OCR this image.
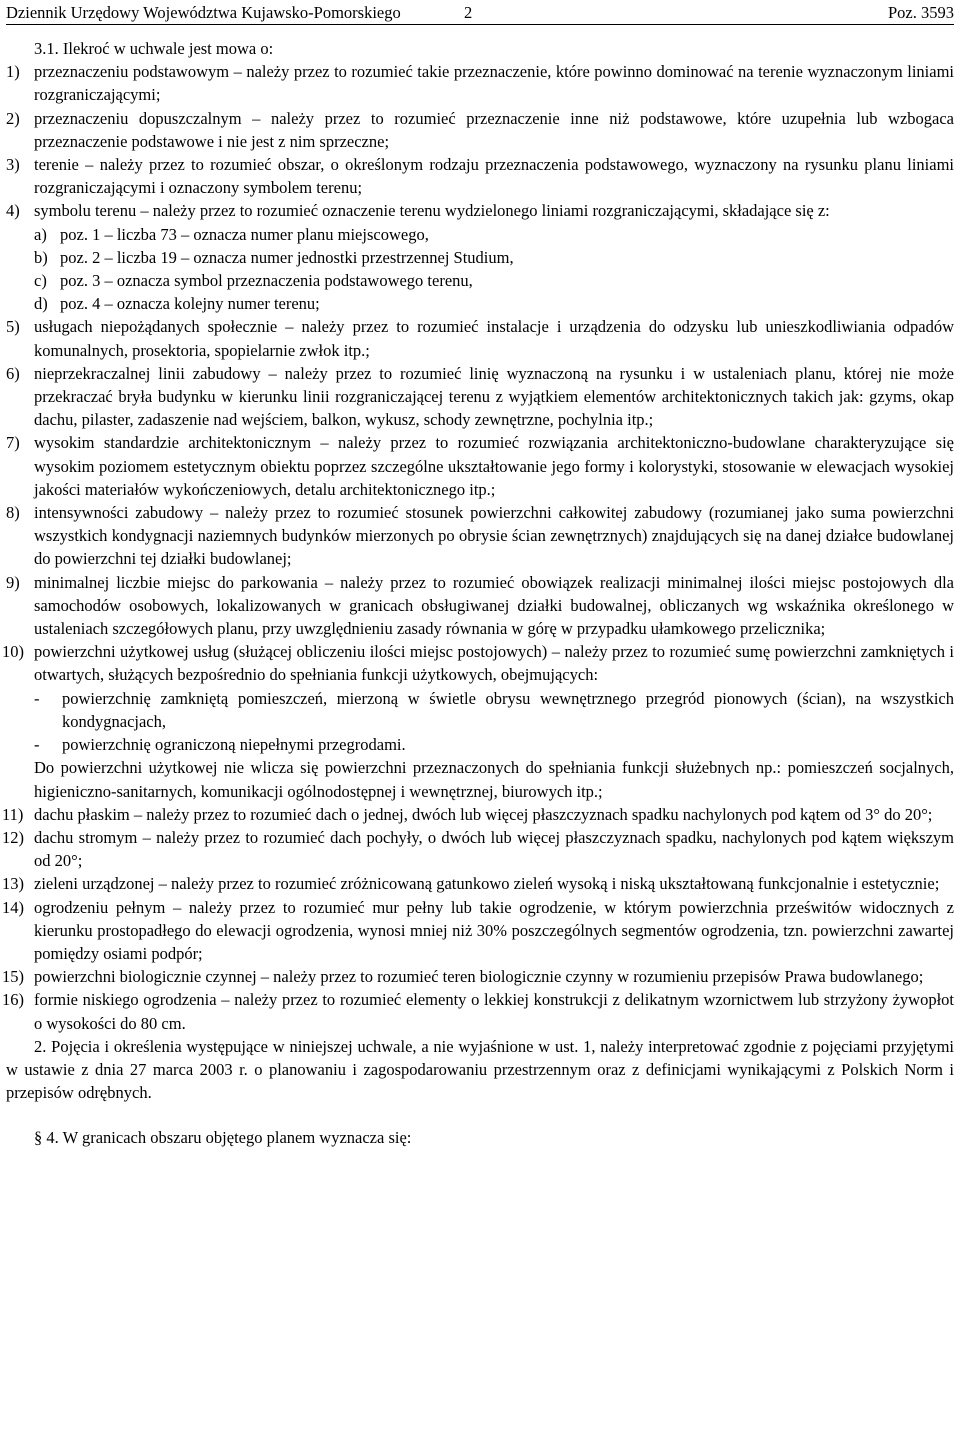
Dziennik Urzędowy Województwa Kujawsko-Pomorskiego	2	Poz. 3593
3.1. Ilekroć w uchwale jest mowa o:
1) przeznaczeniu podstawowym – należy przez to rozumieć takie przeznaczenie, które powinno dominować na terenie wyznaczonym liniami rozgraniczającymi;
2) przeznaczeniu dopuszczalnym – należy przez to rozumieć przeznaczenie inne niż podstawowe, które uzupełnia lub wzbogaca przeznaczenie podstawowe i nie jest z nim sprzeczne;
3) terenie – należy przez to rozumieć obszar, o określonym rodzaju przeznaczenia podstawowego, wyznaczony na rysunku planu liniami rozgraniczającymi i oznaczony symbolem terenu;
4) symbolu terenu – należy przez to rozumieć oznaczenie terenu wydzielonego liniami rozgraniczającymi, składające się z:
a) poz. 1 – liczba 73 – oznacza numer planu miejscowego,
b) poz. 2 – liczba 19 – oznacza numer jednostki przestrzennej Studium,
c) poz. 3 – oznacza symbol przeznaczenia podstawowego terenu,
d) poz. 4 – oznacza kolejny numer terenu;
5) usługach niepożądanych społecznie – należy przez to rozumieć instalacje i urządzenia do odzysku lub unieszkodliwiania odpadów komunalnych, prosektoria, spopielarnie zwłok itp.;
6) nieprzekraczalnej linii zabudowy – należy przez to rozumieć linię wyznaczoną na rysunku i w ustaleniach planu, której nie może przekraczać bryła budynku w kierunku linii rozgraniczającej terenu z wyjątkiem elementów architektonicznych takich jak: gzyms, okap dachu, pilaster, zadaszenie nad wejściem, balkon, wykusz, schody zewnętrzne, pochylnia itp.;
7) wysokim standardzie architektonicznym – należy przez to rozumieć rozwiązania architektoniczno-budowlane charakteryzujące się wysokim poziomem estetycznym obiektu poprzez szczególne ukształtowanie jego formy i kolorystyki, stosowanie w elewacjach wysokiej jakości materiałów wykończeniowych, detalu architektonicznego itp.;
8) intensywności zabudowy – należy przez to rozumieć stosunek powierzchni całkowitej zabudowy (rozumianej jako suma powierzchni wszystkich kondygnacji naziemnych budynków mierzonych po obrysie ścian zewnętrznych) znajdujących się na danej działce budowlanej do powierzchni tej działki budowlanej;
9) minimalnej liczbie miejsc do parkowania – należy przez to rozumieć obowiązek realizacji minimalnej ilości miejsc postojowych dla samochodów osobowych, lokalizowanych w granicach obsługiwanej działki budowalnej, obliczanych wg wskaźnika określonego w ustaleniach szczegółowych planu, przy uwzględnieniu zasady równania w górę w przypadku ułamkowego przelicznika;
10) powierzchni użytkowej usług (służącej obliczeniu ilości miejsc postojowych) – należy przez to rozumieć sumę powierzchni zamkniętych i otwartych, służących bezpośrednio do spełniania funkcji użytkowych, obejmujących:
- powierzchnię zamkniętą pomieszczeń, mierzoną w świetle obrysu wewnętrznego przegród pionowych (ścian), na wszystkich kondygnacjach,
- powierzchnię ograniczoną niepełnymi przegrodami.
Do powierzchni użytkowej nie wlicza się powierzchni przeznaczonych do spełniania funkcji służebnych np.: pomieszczeń socjalnych, higieniczno-sanitarnych, komunikacji ogólnodostępnej i wewnętrznej, biurowych itp.;
11) dachu płaskim – należy przez to rozumieć dach o jednej, dwóch lub więcej płaszczyznach spadku nachylonych pod kątem od 3° do 20°;
12) dachu stromym – należy przez to rozumieć dach pochyły, o dwóch lub więcej płaszczyznach spadku, nachylonych pod kątem większym od 20°;
13) zieleni urządzonej – należy przez to rozumieć zróżnicowaną gatunkowo zieleń wysoką i niską ukształtowaną funkcjonalnie i estetycznie;
14) ogrodzeniu pełnym – należy przez to rozumieć mur pełny lub takie ogrodzenie, w którym powierzchnia prześwitów widocznych z kierunku prostopadłego do elewacji ogrodzenia, wynosi mniej niż 30% poszczególnych segmentów ogrodzenia, tzn. powierzchni zawartej pomiędzy osiami podpór;
15) powierzchni biologicznie czynnej – należy przez to rozumieć teren biologicznie czynny w rozumieniu przepisów Prawa budowlanego;
16) formie niskiego ogrodzenia – należy przez to rozumieć elementy o lekkiej konstrukcji z delikatnym wzornictwem lub strzyżony żywopłot o wysokości do 80 cm.
2. Pojęcia i określenia występujące w niniejszej uchwale, a nie wyjaśnione w ust. 1, należy interpretować zgodnie z pojęciami przyjętymi w ustawie z dnia 27 marca 2003 r. o planowaniu i zagospodarowaniu przestrzennym oraz z definicjami wynikającymi z Polskich Norm i przepisów odrębnych.
§ 4. W granicach obszaru objętego planem wyznacza się:
